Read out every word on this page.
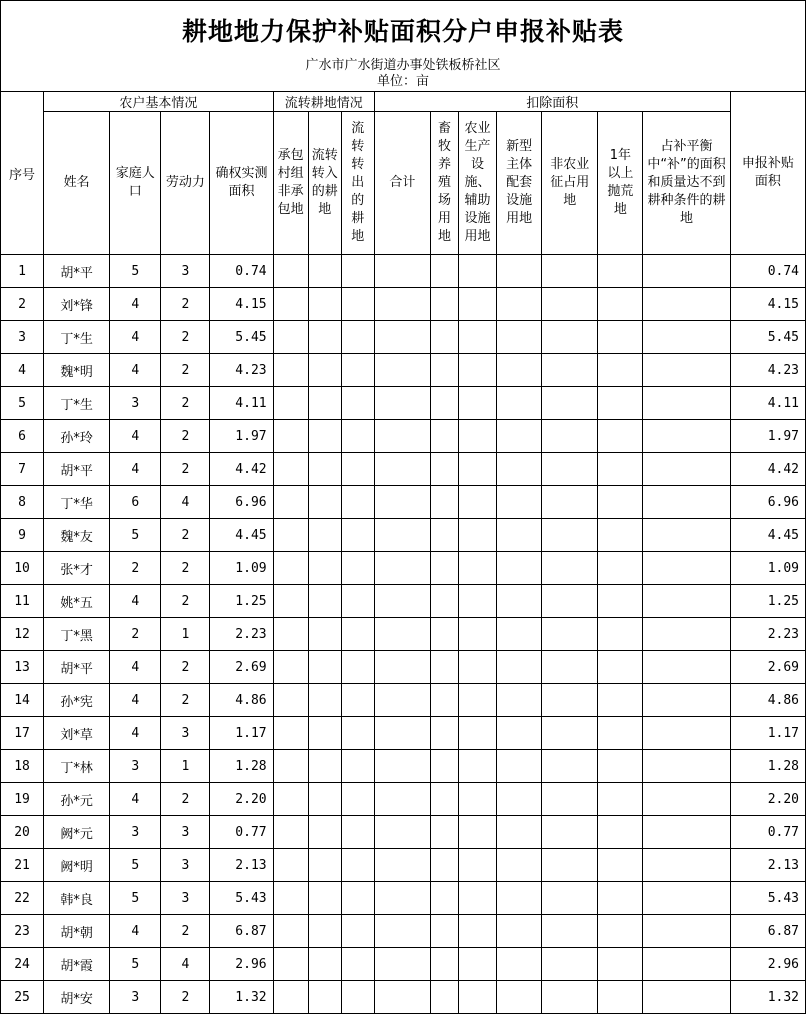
耕地地力保护补贴面积分户申报补贴表
广水市广水街道办事处铁板桥社区
单位：亩
序号	农户基本情况				流转耕地情况			扣除面积							申报补贴面积

	姓名	家庭人口	劳动力	确权实测面积	承包村组非承包地	流转转入的耕地	流转转出的耕地	合计	畜牧养殖场用地	农业生产设施、辅助设施用地	新型主体配套设施用地	非农业征占用地	1年以上抛荒地	占补平衡中“补”的面积和质量达不到耕种条件的耕地	

1	胡*平	5	3	0.74											0.74
2	刘*锋	4	2	4.15											4.15
3	丁*生	4	2	5.45											5.45
4	魏*明	4	2	4.23											4.23
5	丁*生	3	2	4.11											4.11
6	孙*玲	4	2	1.97											1.97
7	胡*平	4	2	4.42											4.42
8	丁*华	6	4	6.96											6.96
9	魏*友	5	2	4.45											4.45
10	张*才	2	2	1.09											1.09
11	姚*五	4	2	1.25											1.25
12	丁*黑	2	1	2.23											2.23
13	胡*平	4	2	2.69											2.69
14	孙*宪	4	2	4.86											4.86
17	刘*草	4	3	1.17											1.17
18	丁*林	3	1	1.28											1.28
19	孙*元	4	2	2.20											2.20
20	阙*元	3	3	0.77											0.77
21	阙*明	5	3	2.13											2.13
22	韩*良	5	3	5.43											5.43
23	胡*朝	4	2	6.87											6.87
24	胡*霞	5	4	2.96											2.96
25	胡*安	3	2	1.32											1.32
